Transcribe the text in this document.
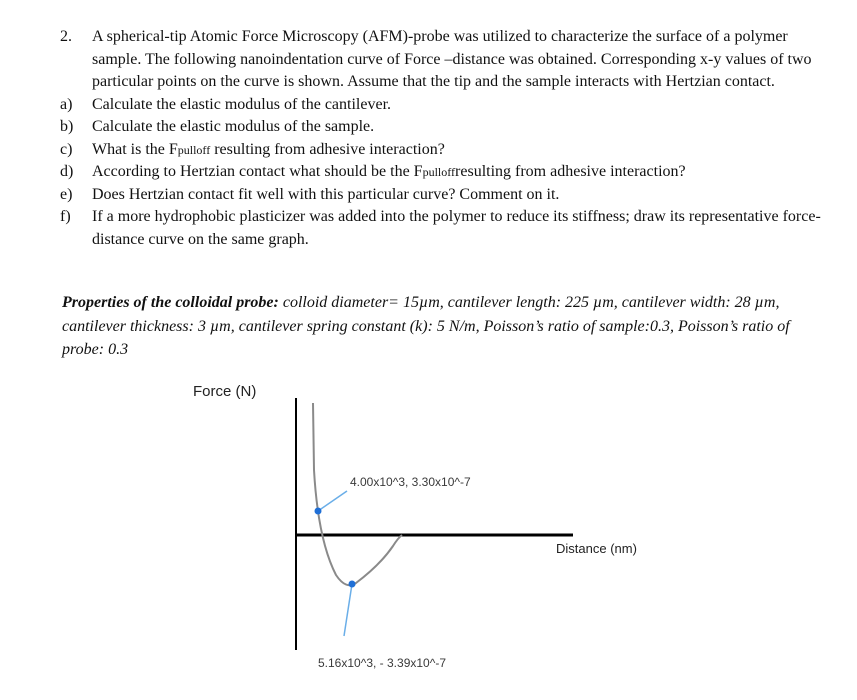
2.	A spherical-tip Atomic Force Microscopy (AFM)-probe was utilized to characterize the surface of a polymer sample. The following nanoindentation curve of Force –distance was obtained. Corresponding x-y values of two particular points on the curve is shown. Assume that the tip and the sample interacts with Hertzian contact.
a)	Calculate the elastic modulus of the cantilever.
b)	Calculate the elastic modulus of the sample.
c)	What is the Fpulloff resulting from adhesive interaction?
d)	According to Hertzian contact what should be the Fpulloffresulting from adhesive interaction?
e)	Does Hertzian contact fit well with this particular curve? Comment on it.
f)	If a more hydrophobic plasticizer was added into the polymer to reduce its stiffness; draw its representative force-distance curve on the same graph.
Properties of the colloidal probe: colloid diameter= 15µm, cantilever length: 225 µm, cantilever width: 28 µm, cantilever thickness: 3 µm, cantilever spring constant (k): 5 N/m, Poisson’s ratio of sample:0.3, Poisson’s ratio of probe: 0.3
Force (N)
Distance (nm)
4.00x10^3, 3.30x10^-7
5.16x10^3, - 3.39x10^-7
